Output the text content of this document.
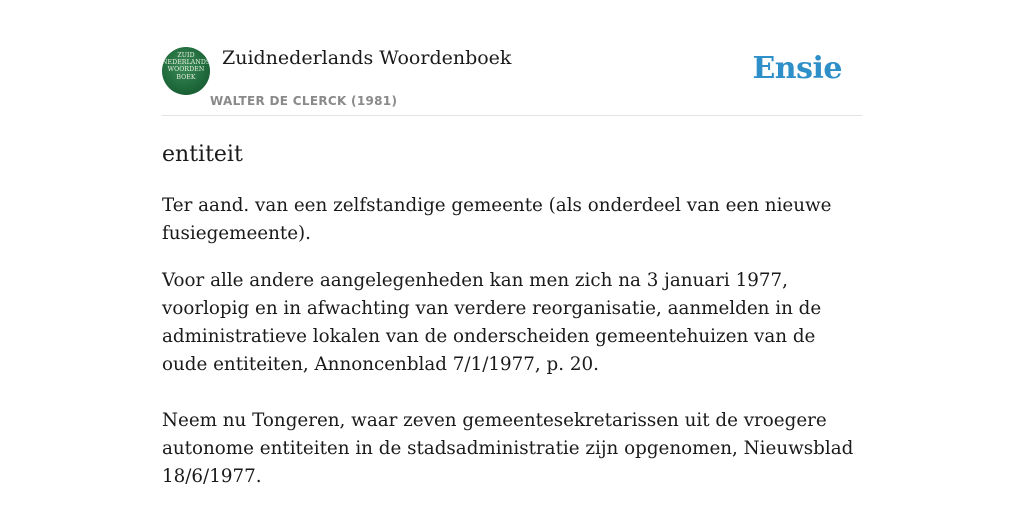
ZUID
NEDERLANDS
WOORDEN
BOEK
Zuidnederlands Woordenboek
WALTER DE CLERCK (1981)
Ensie
entiteit

Ter aand. van een zelfstandige gemeente (als onderdeel van een nieuwe fusiegemeente).

Voor alle andere aangelegenheden kan men zich na 3 januari 1977, voorlopig en in afwachting van verdere reorganisatie, aanmelden in de administratieve lokalen van de onderscheiden gemeentehuizen van de oude entiteiten, Annoncenblad 7/1/1977, p. 20.

Neem nu Tongeren, waar zeven gemeentesekretarissen uit de vroegere autonome entiteiten in de stadsadministratie zijn opgenomen, Nieuwsblad 18/6/1977.
